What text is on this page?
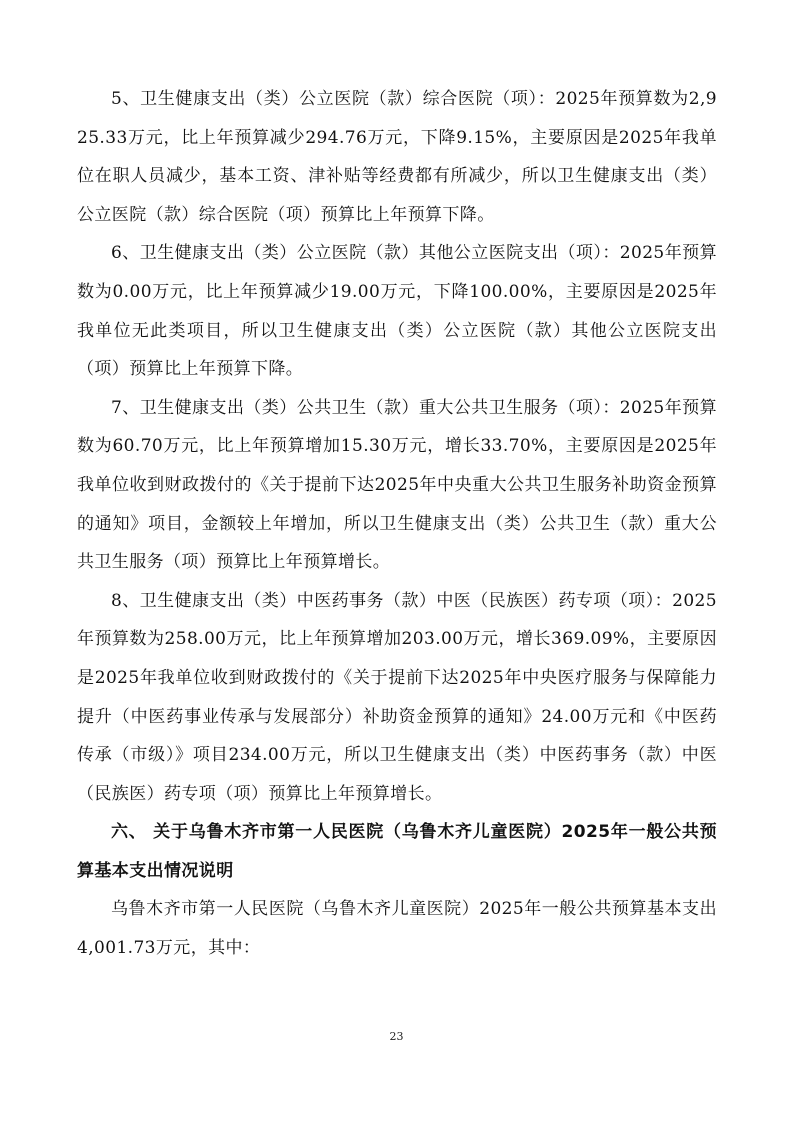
5、卫生健康支出（类）公立医院（款）综合医院（项）：2025年预算数为2,925.33万元，比上年预算减少294.76万元，下降9.15%，主要原因是2025年我单位在职人员减少，基本工资、津补贴等经费都有所减少，所以卫生健康支出（类）公立医院（款）综合医院（项）预算比上年预算下降。

6、卫生健康支出（类）公立医院（款）其他公立医院支出（项）：2025年预算数为0.00万元，比上年预算减少19.00万元，下降100.00%，主要原因是2025年我单位无此类项目，所以卫生健康支出（类）公立医院（款）其他公立医院支出（项）预算比上年预算下降。

7、卫生健康支出（类）公共卫生（款）重大公共卫生服务（项）：2025年预算数为60.70万元，比上年预算增加15.30万元，增长33.70%，主要原因是2025年我单位收到财政拨付的《关于提前下达2025年中央重大公共卫生服务补助资金预算的通知》项目，金额较上年增加，所以卫生健康支出（类）公共卫生（款）重大公共卫生服务（项）预算比上年预算增长。

8、卫生健康支出（类）中医药事务（款）中医（民族医）药专项（项）：2025年预算数为258.00万元，比上年预算增加203.00万元，增长369.09%，主要原因是2025年我单位收到财政拨付的《关于提前下达2025年中央医疗服务与保障能力提升（中医药事业传承与发展部分）补助资金预算的通知》24.00万元和《中医药传承（市级）》项目234.00万元，所以卫生健康支出（类）中医药事务（款）中医（民族医）药专项（项）预算比上年预算增长。

六、 关于乌鲁木齐市第一人民医院（乌鲁木齐儿童医院）2025年一般公共预算基本支出情况说明

乌鲁木齐市第一人民医院（乌鲁木齐儿童医院）2025年一般公共预算基本支出4,001.73万元，其中：

23
